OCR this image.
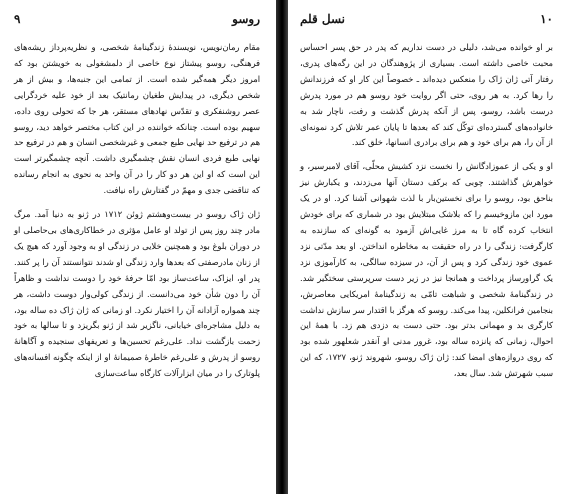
روسو
۹

مقام رمان‌نویس، نویسندهٔ زندگینامهٔ شخصی، و نظریه‌پرداز ریشه‌های فرهنگی، روسو پیشتاز نوع خاصی از دلمشغولی به خویشتن بود که امروز دیگر همه‌گیر شده است. از تمامی این جنبه‌ها، و بیش از هر شخص دیگری، در پیدایش طغیان رمانتیک بعد از خود علیه خردگرایی عصر روشنفکری و تقدّس نهادهای مستقر، هر جا که تحولی روی داده، سهیم بوده است. چنانکه خواننده در این کتاب مختصر خواهد دید، روسو هم در ترفیع حد نهایی طبع جمعی و غیرشخصی انسان و هم در ترفیع حد نهایی طبع فردی انسان نقش چشمگیری داشت. آنچه چشمگیرتر است این است که او این هر دو کار را در آن واحد به نحوی به انجام رسانده که تناقضی جدی و مهمّ در گفتارش راه نیافت.

ژان ژاک روسو در بیست‌وهشتم ژوئن ۱۷۱۲ در ژنو به دنیا آمد. مرگ مادر چند روز پس از تولد او عامل مؤثری در خطاکاری‌های بی‌حاصلی او در دوران بلوغ بود و همچنین خلایی در زندگی او به وجود آورد که هیچ یک از زنان مادرصفتی که بعدها وارد زندگی او شدند نتوانستند آن را پر کنند. پدر او، ایزاک، ساعت‌ساز بود امّا حرفهٔ خود را دوست نداشت و ظاهراً آن را دون شأن خود می‌دانست. از زندگی کولی‌وار دوست داشت، هر چند همواره آزادانه آن را اختیار نکرد. او زمانی که ژان ژاک ده ساله بود، به دلیل مشاجره‌ای خیابانی، ناگزیر شد از ژنو بگریزد و تا سالها به خود زحمت بازگشت نداد. علی‌رغم تحسین‌ها و تعریفهای سنجیده و آگاهانهٔ روسو از پدرش و علی‌رغم خاطرهٔ صمیمانهٔ او از اینکه چگونه افسانه‌های پلوتارک را در میان ابزارآلات کارگاه ساعت‌سازی

۱۰
نسل قلم

بر او خوانده می‌شد، دلیلی در دست نداریم که پدر در حق پسر احساس محبت خاصی داشته است. بسیاری از پژوهندگان در این رگه‌های پدری، رفتار آتی ژان ژاک را منعکس دیده‌اند ـ خصوصاً این کار او که فرزندانش را رها کرد. به هر روی، حتی اگر روایت خود روسو هم در مورد پدرش درست باشد، روسو، پس از آنکه پدرش گذشت و رفت، ناچار شد به خانواده‌های گسترده‌ای توکّل کند که بعدها تا پایان عمر تلاش کرد نمونه‌ای از آن را، هم برای خود و هم برای برادری انسانها، خلق کند.

او و یکی از عموزادگانش را نخست نزد کشیش محلّی، آقای لامبرسیر، و خواهرش گذاشتند. چوبی که برکف دستان آنها می‌زدند، و یکبارش نیز بناحق بود، روسو را برای نخستین‌بار با لذت شهوانی آشنا کرد. او در یک مورد این مازوخیسم را که بلاشک مبتلایش بود در شماری که برای خودش انتخاب کرده گاه تا به مرز غایی‌اش آزمود به گونه‌ای که سازنده به کارگرفت: زندگی را در راه حقیقت به مخاطره انداختن. او بعد مدّتی نزد عموی خود زندگی کرد و پس از آن، در سیزده سالگی، به کارآموزی نزد یک گراورساز پرداخت و همانجا نیز در زیر دست سرپرستی سختگیر شد. در زندگینامهٔ شخصی و شباهت تامّی به زندگینامهٔ امریکایی معاصرش، بنجامین فرانکلین، پیدا می‌کند. روسو که هرگز با اقتدار سر سازش نداشت کارگری بد و مهمانی بدتر بود. حتی دست به دزدی هم زد. با همهٔ این احوال، زمانی که پانزده ساله بود، غرور مدنی او آنقدر شعلهور شده بود که روی دروازه‌های امضا کند: ژان ژاک روسو، شهروند ژنو، ۱۷۲۷، که این سبب شهرتش شد. سال بعد،
